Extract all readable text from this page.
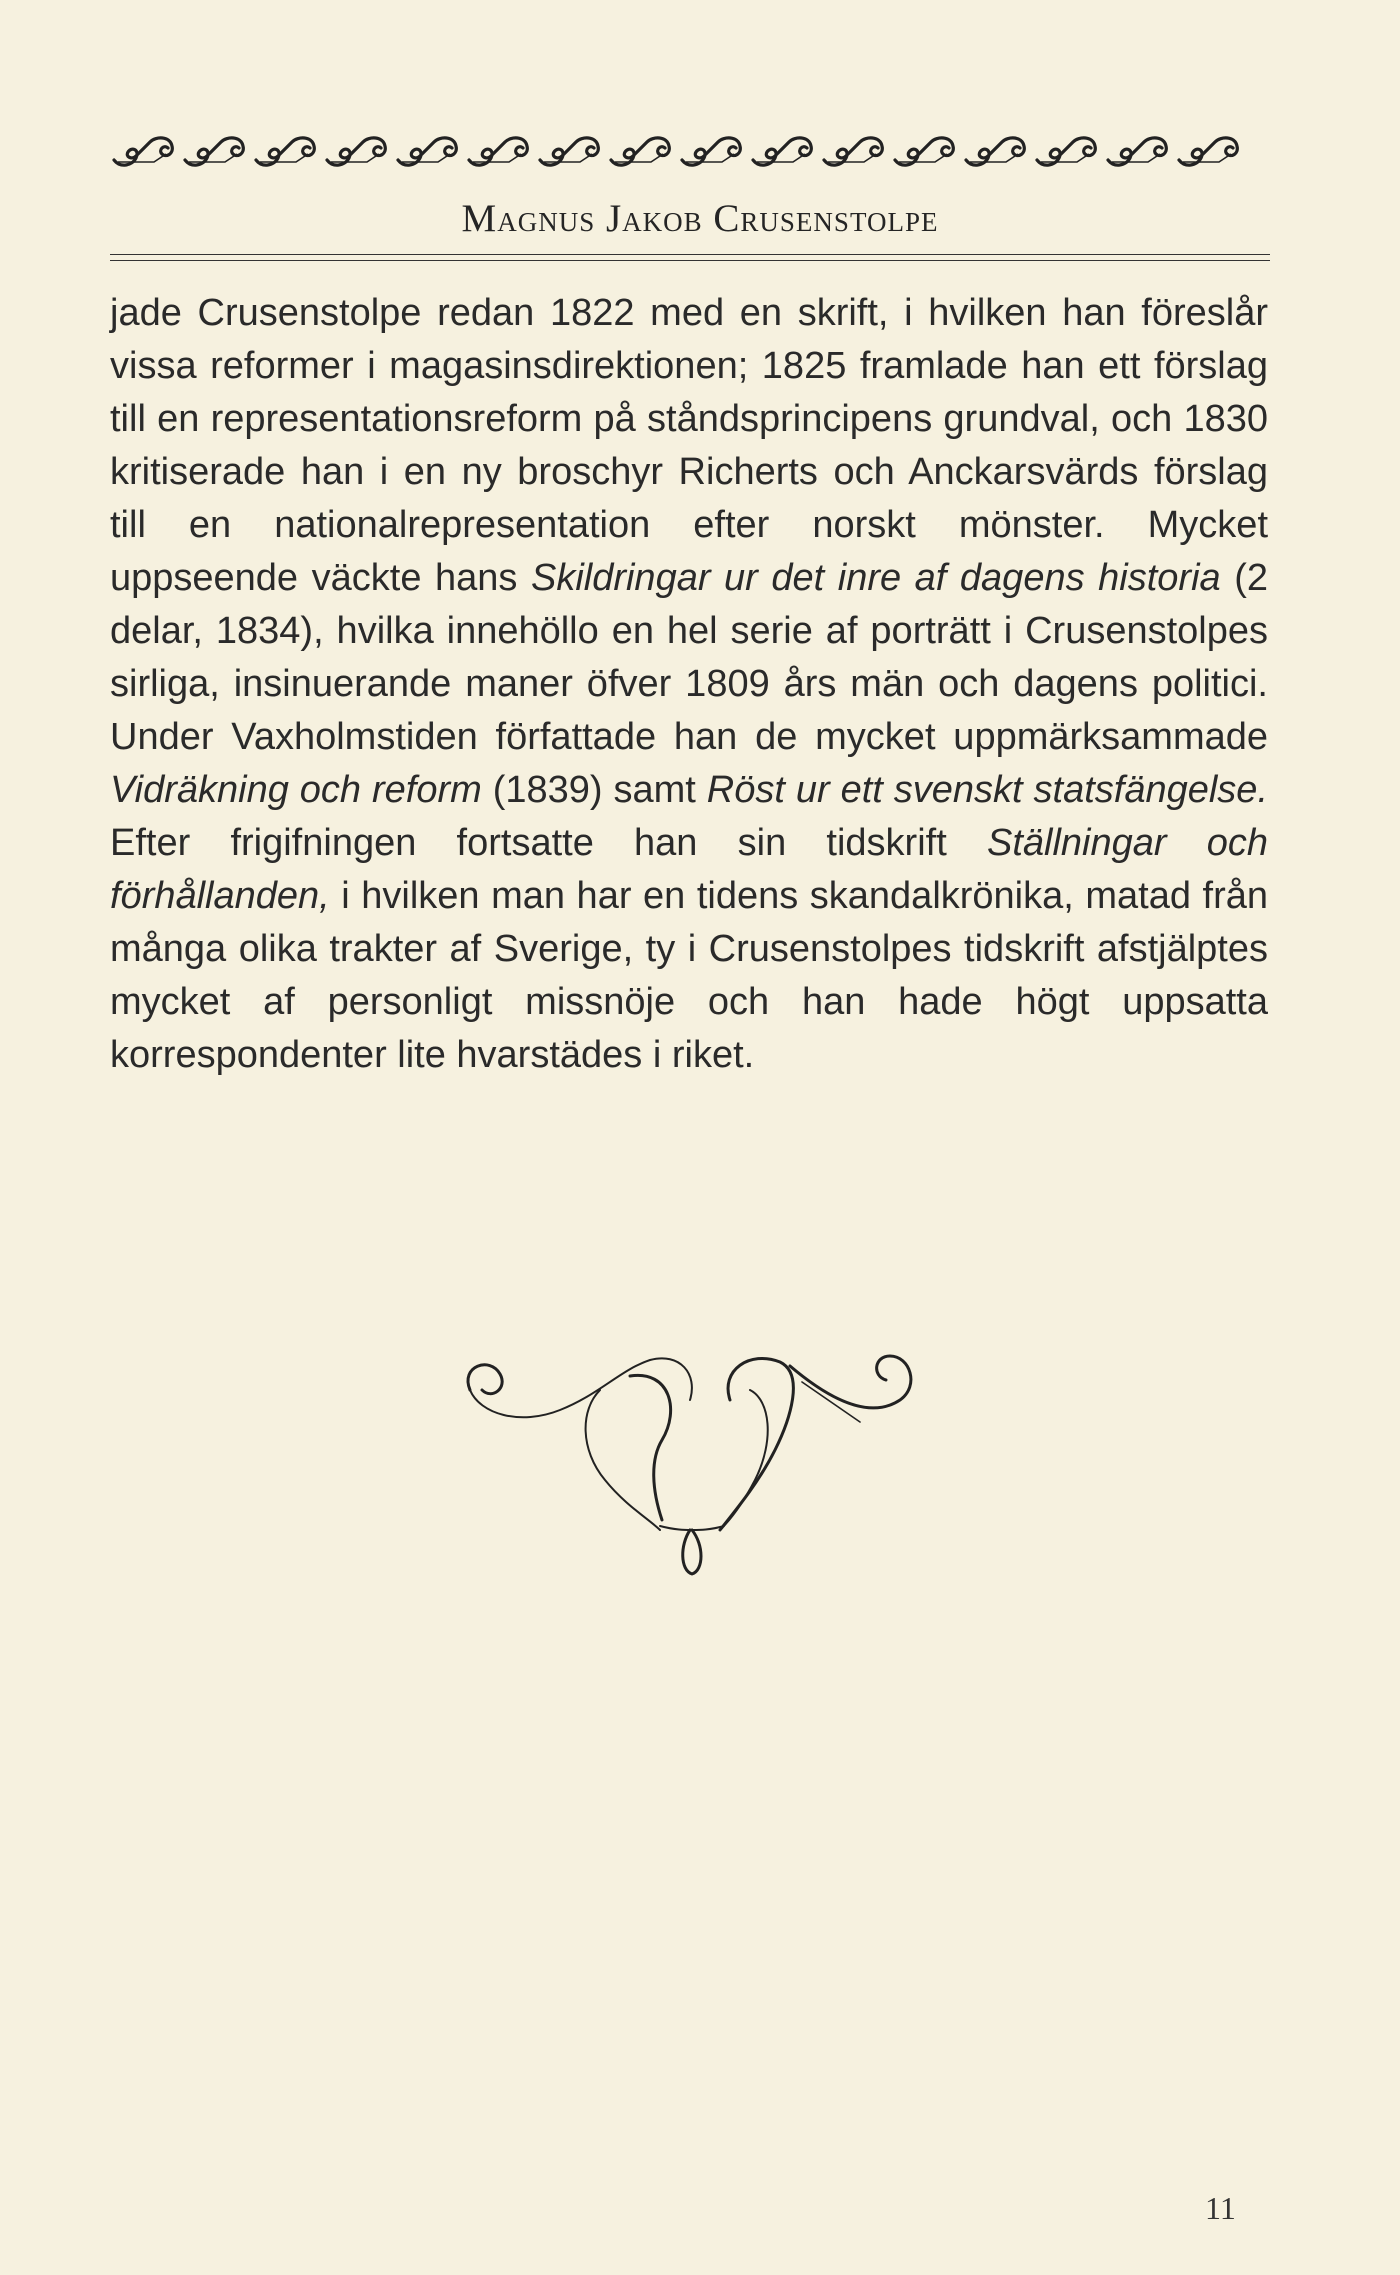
Magnus Jakob Crusenstolpe

jade Crusenstolpe redan 1822 med en skrift, i hvilken han föreslår vissa reformer i magasinsdirektionen; 1825 framlade han ett förslag till en representationsreform på ståndsprincipens grundval, och 1830 kritiserade han i en ny broschyr Richerts och Anckarsvärds förslag till en nationalrepresentation efter norskt mönster. Mycket uppseende väckte hans Skildringar ur det inre af dagens historia (2 delar, 1834), hvilka innehöllo en hel serie af porträtt i Crusenstolpes sirliga, insinuerande maner öfver 1809 års män och dagens politici. Under Vaxholmstiden författade han de mycket uppmärksammade Vidräkning och reform (1839) samt Röst ur ett svenskt statsfängelse. Efter frigifningen fortsatte han sin tidskrift Ställningar och förhållanden, i hvilken man har en tidens skandalkrönika, matad från många olika trakter af Sverige, ty i Crusenstolpes tidskrift afstjälptes mycket af personligt missnöje och han hade högt uppsatta korrespondenter lite hvarstädes i riket.

11
